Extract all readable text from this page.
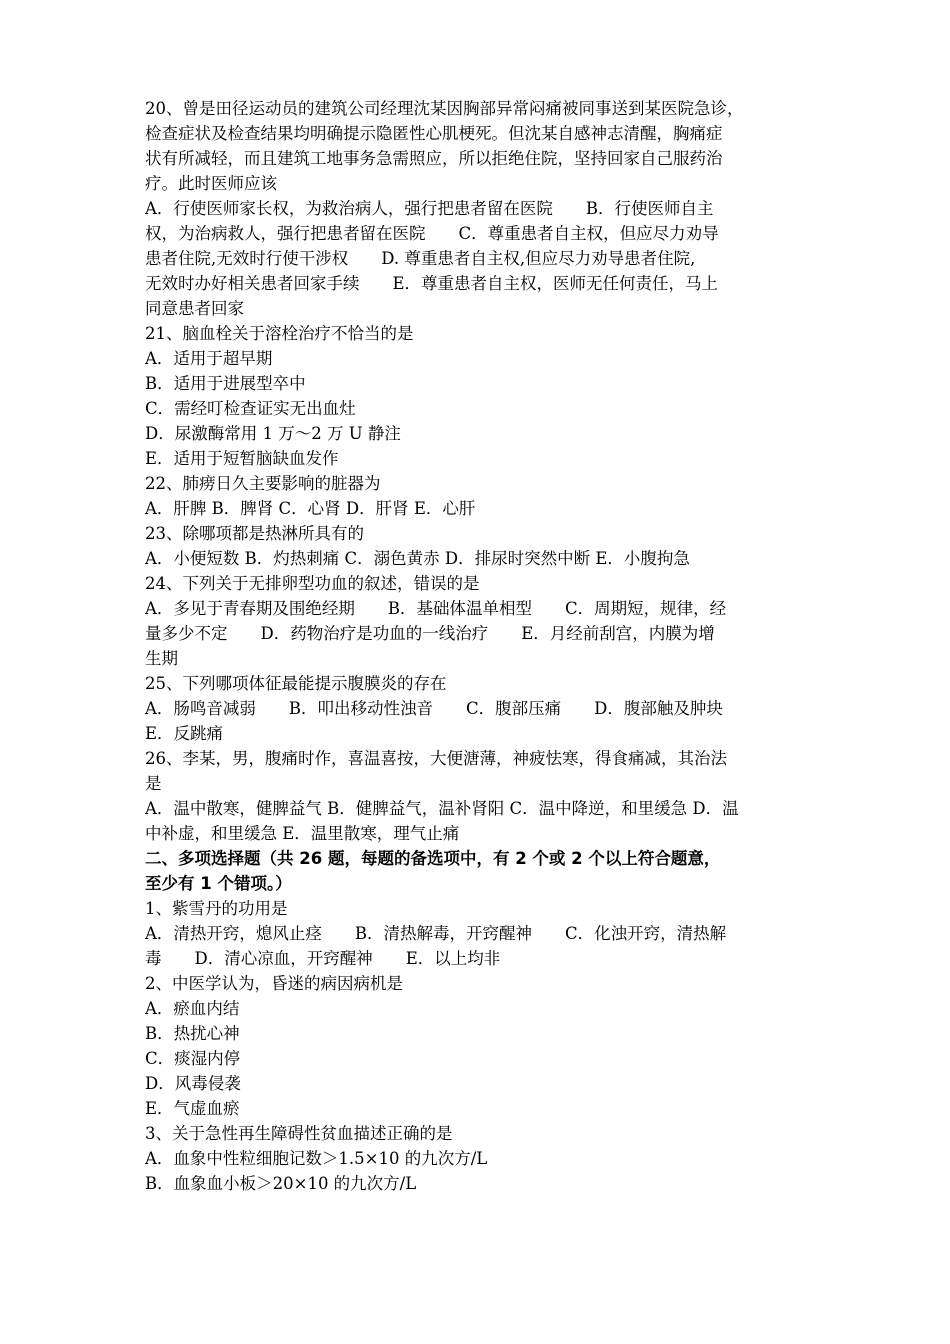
20、曾是田径运动员的建筑公司经理沈某因胸部异常闷痛被同事送到某医院急诊，
检查症状及检查结果均明确提示隐匿性心肌梗死。但沈某自感神志清醒，胸痛症
状有所减轻，而且建筑工地事务急需照应，所以拒绝住院，坚持回家自己服药治
疗。此时医师应该
A．行使医师家长权，为救治病人，强行把患者留在医院　　B．行使医师自主
权，为治病救人，强行把患者留在医院　　C．尊重患者自主权，但应尽力劝导
患者住院,无效时行使干涉权　　D. 尊重患者自主权,但应尽力劝导患者住院,
无效时办好相关患者回家手续　　E．尊重患者自主权，医师无任何责任，马上
同意患者回家
21、脑血栓关于溶栓治疗不恰当的是
A．适用于超早期
B．适用于进展型卒中
C．需经叮检查证实无出血灶
D．尿激酶常用 1 万～2 万 U 静注
E．适用于短暂脑缺血发作
22、肺痨日久主要影响的脏器为
A．肝脾 B．脾肾 C．心肾 D．肝肾 E．心肝
23、除哪项都是热淋所具有的
A．小便短数 B．灼热刺痛 C．溺色黄赤 D．排尿时突然中断 E．小腹拘急
24、下列关于无排卵型功血的叙述，错误的是
A．多见于青春期及围绝经期　　B．基础体温单相型　　C．周期短，规律，经
量多少不定　　D．药物治疗是功血的一线治疗　　E．月经前刮宫，内膜为增
生期
25、下列哪项体征最能提示腹膜炎的存在
A．肠鸣音减弱　　B．叩出移动性浊音　　C．腹部压痛　　D．腹部触及肿块
E．反跳痛
26、李某，男，腹痛时作，喜温喜按，大便溏薄，神疲怯寒，得食痛减，其治法
是
A．温中散寒，健脾益气 B．健脾益气，温补肾阳 C．温中降逆，和里缓急 D．温
中补虚，和里缓急 E．温里散寒，理气止痛
二、多项选择题（共 26 题，每题的备选项中，有 2 个或 2 个以上符合题意，
至少有 1 个错项。）
1、紫雪丹的功用是
A．清热开窍，熄风止痉　　B．清热解毒，开窍醒神　　C．化浊开窍，清热解
毒　　D．清心凉血，开窍醒神　　E．以上均非
2、中医学认为，昏迷的病因病机是
A．瘀血内结
B．热扰心神
C．痰湿内停
D．风毒侵袭
E．气虚血瘀
3、关于急性再生障碍性贫血描述正确的是
A．血象中性粒细胞记数＞1.5×10 的九次方/L
B．血象血小板＞20×10 的九次方/L
